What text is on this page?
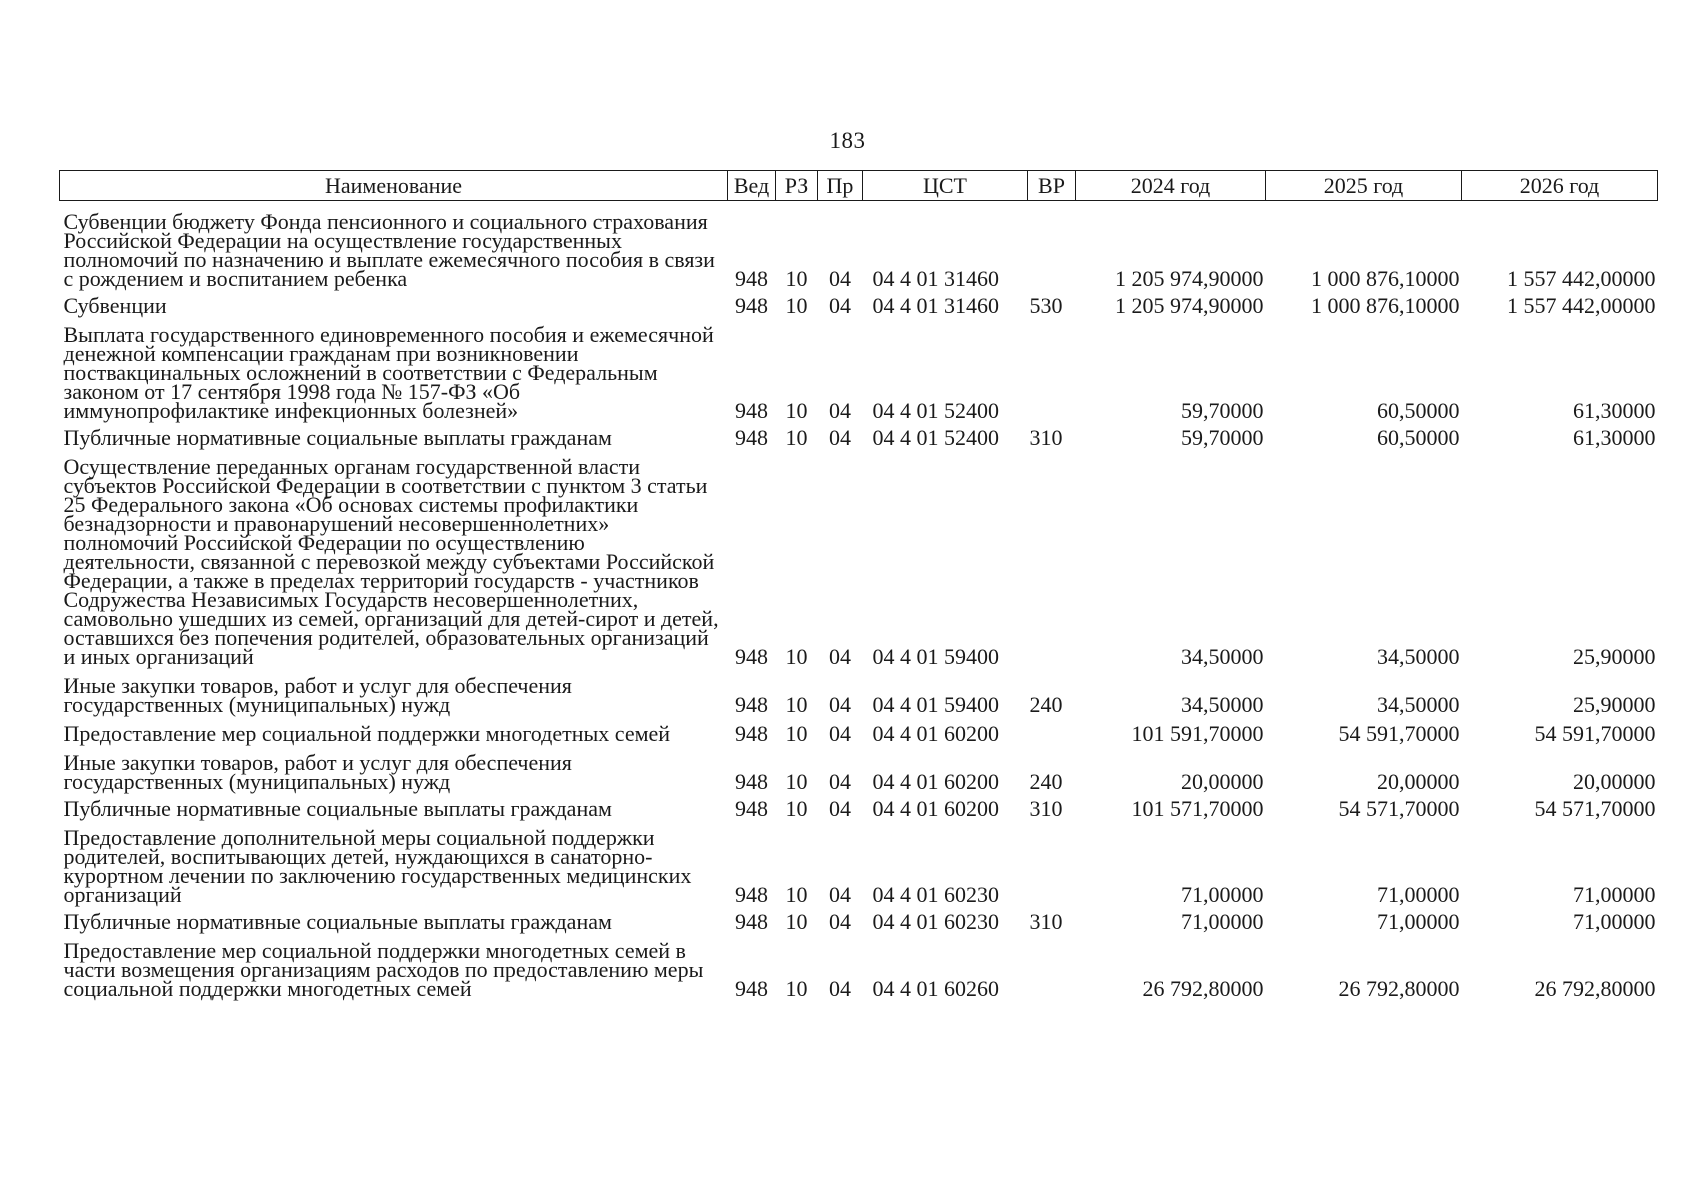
183
Наименование	Вед	РЗ	Пр	ЦСТ	ВР	2024 год	2025 год	2026 год
Субвенции бюджету Фонда пенсионного и социального страхования Российской Федерации на осуществление государственных полномочий по назначению и выплате ежемесячного пособия в связи с рождением и воспитанием ребенка	948	10	04	04 4 01 31460		1 205 974,90000	1 000 876,10000	1 557 442,00000
Субвенции	948	10	04	04 4 01 31460	530	1 205 974,90000	1 000 876,10000	1 557 442,00000
Выплата государственного единовременного пособия и ежемесячной денежной компенсации гражданам при возникновении поствакцинальных осложнений в соответствии с Федеральным законом от 17 сентября 1998 года № 157-ФЗ «Об иммунопрофилактике инфекционных болезней»	948	10	04	04 4 01 52400		59,70000	60,50000	61,30000
Публичные нормативные социальные выплаты гражданам	948	10	04	04 4 01 52400	310	59,70000	60,50000	61,30000
Осуществление переданных органам государственной власти субъектов Российской Федерации в соответствии с пунктом 3 статьи 25 Федерального закона «Об основах системы профилактики безнадзорности и правонарушений несовершеннолетних» полномочий Российской Федерации по осуществлению деятельности, связанной с перевозкой между субъектами Российской Федерации, а также в пределах территорий государств - участников Содружества Независимых Государств несовершеннолетних, самовольно ушедших из семей, организаций для детей-сирот и детей, оставшихся без попечения родителей, образовательных организаций и иных организаций	948	10	04	04 4 01 59400		34,50000	34,50000	25,90000
Иные закупки товаров, работ и услуг для обеспечения государственных (муниципальных) нужд	948	10	04	04 4 01 59400	240	34,50000	34,50000	25,90000
Предоставление мер социальной поддержки многодетных семей	948	10	04	04 4 01 60200		101 591,70000	54 591,70000	54 591,70000
Иные закупки товаров, работ и услуг для обеспечения государственных (муниципальных) нужд	948	10	04	04 4 01 60200	240	20,00000	20,00000	20,00000
Публичные нормативные социальные выплаты гражданам	948	10	04	04 4 01 60200	310	101 571,70000	54 571,70000	54 571,70000
Предоставление дополнительной меры социальной поддержки родителей, воспитывающих детей, нуждающихся в санаторно-курортном лечении по заключению государственных медицинских организаций	948	10	04	04 4 01 60230		71,00000	71,00000	71,00000
Публичные нормативные социальные выплаты гражданам	948	10	04	04 4 01 60230	310	71,00000	71,00000	71,00000
Предоставление мер социальной поддержки многодетных семей в части возмещения организациям расходов по предоставлению меры социальной поддержки многодетных семей	948	10	04	04 4 01 60260		26 792,80000	26 792,80000	26 792,80000
